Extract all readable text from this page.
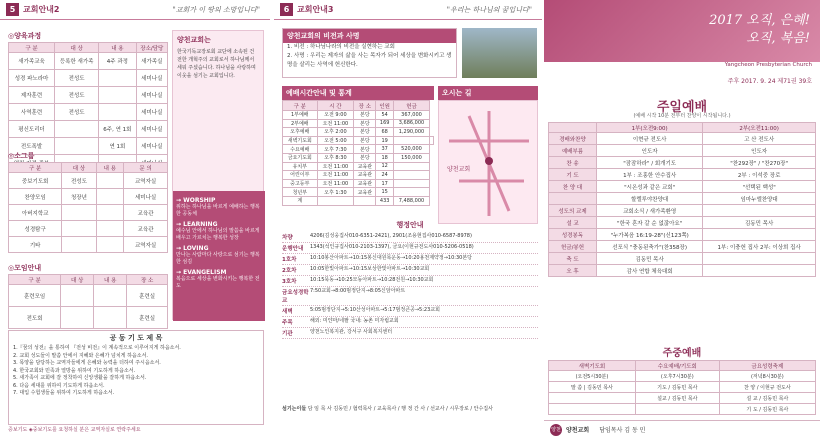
5 교회안내2	"교회가 이 땅의 소망입니다"
◎양육과정
구 분	대 상	내 용	장소/담당
새가족교육	등록한 새가족	4주 과정	새가족실
성경 파노라마	전성도		세미나실
제자훈련	전성도		세미나실
사역훈련	전성도		세미나실
평신도리더		6주, 연 1회	세미나실
전도폭발		연 1회	세미나실

◎소그룹
구 분	대 상	내 용	문 의
중보기도회	전성도		교역자실
찬양모임	청장년		세미나실
아버지학교			교육관
성경탐구			교육관
기타			교역자실
◎모임안내
구 분	대 상	내 용	장 소
훈련모임			훈련실
전도회			훈련실
양천교회는

한국기독교장로회 교단에 소속된 건전한 개혁주의 교회로서 하나님께서 세워 주셨습니다. 하나님을 사랑하며 이웃을 섬기는 교회입니다.

→ WORSHIP
위하는 하나님을 바르게 예배하는 행복한 공동체
→ LEARNING
예수님 안에서 하나님의 말씀을 바르게 배우고 가르치는 행복한 성장
→ LOVING
만나는 사람마다 사랑으로 섬기는 행복한 섬김
→ EVANGELISM
복음으로 세상을 변화시키는 행복한 전도
공 동 기 도 제 목
1.『꿈의 성전』을 통하여 『전성 비전』이 계속적으로 이루어지게 하옵소서.
2. 교회 성도들이 말씀 안에서 지혜와 은혜가 넘치게 하옵소서.
3. 목양을 담당하는 교역자들에게 은혜와 능력을 더하여 주시옵소서.
4. 한국교회와 민족과 열방을 위하여 기도하게 하옵소서.
5. 새가족이 교회에 잘 정착하여 신앙생활을 잘하게 하옵소서.
6. 다음 세대를 위하여 기도하게 하옵소서.
7. 대입 수험생들을 위하여 기도하게 하옵소서.
증보기도 ◈중보기도를 요청하실 분은 교역자실로 연락주세요
6 교회안내3	"우리는 하나님의 꿈입니다"
양천교회의 비전과 사명

1. 비전 : 하나님나라의 비전을 실현하는 교회

2. 사명 : 우리는 제자의 삶을 사는 목자가 되어 세상을 변화시키고 생명을 살리는 사역에 헌신한다.

예배시간안내 및 통계
구 분	시 간	장 소	인원	헌금	
1부예배	오전 9:00	본당	54	367,000	
2부예배	오전 11:00	본당	169	3,686,000	
오후예배	오후 2:00	본당	68	1,290,000	
새벽기도회	오전 5:00	본당	19		
수요예배	오후 7:30	본당	37	520,000	
금요기도회	오후 8:30	본당	18	150,000	
유치부	오전 11:00	교육관	12		
어린이부	오전 11:00	교육관	24		
중고등부	오전 11:00	교육관	17		
청년부	오후 1:30	교육관	15		
계			433	7,488,000	
오시는 길
양천교회
행정안내
차량	4206(김성웅집사010-6351-2421), 2901(조용현집사010-6587-8978)
운행안내	1343(석인규집사010-2103-1397), 금요(이현규전도사010-5206-0518)
1호차	10:10봉산아파트→10:15봉신대원목운동→10:20용천제약정→10:30본당
2호차	10:05한빛아파트→10:15보상한빛아파트→10:30교회
3호차	10:15묵동→10:25모동아파트→10:28전원→10:30교회
금요성경학교
7:50교회→8:00범정단지→8:05신암아파트
새벽	5:05범정단지→5:10산성아파트→5:17범정큰공→5:23교회
주목	해외: 미얀마/네팔 국내: 농촌 미자립교회
기관	양천노인복지관, 강서구 사회복지센터
섬기는이들 담 임 목 사 김동민 / 협력목사 / 교육목사 / 행 정 간 사 / 선교사 / 시무장로 / 안수집사
2017 오직, 은혜!
오직, 복음!
Yangcheon Presbyterian Church
주후 2017. 9. 24 제71권 39호
주일예배
(예배 시작 10분 전부터 찬양이 시작됩니다.)
	1부(오전9:00)	2부(오전11:00)
경배와찬양	이현규 전도사	고 산 전도사
예배부름	인도자	인도자
찬 송	"잠잠하라" / 회개기도	"찬292장" / "찬270장"
기 도	1부 : 조홍한 안수집사	2부 : 이석중 장로
찬 양 대	"시온성과 같은 교회"	"선택된 백성"
	할렐루야찬양대	임마누엘찬양대
성도의 교제	교회소식 / 새가족환영	
설 교	"한국 혼자 갈 순 없잖아요"	김동민 목사
성경봉독	"누가복음 16:19-28"(신123쪽)	
헌금/봉헌	선포식 "충동된축가"(찬358장)	1부: 이충헌 집사 2부: 이상희 집사
축 도	김동민 목사	
오 후	감사 연합 체육대회	
주중예배
새벽기도회	수요예배/기도회	금요성령축제
(오전5시30분)	(오후7시30분)	(저녁8시30분)
말 씀 | 김동민 목사	기도 / 김동민 목사	찬 양 / 이현규 전도사
	설교 / 김동민 목사	설 교 / 김동민 목사
		기 도 / 김동민 목사
양천 양천교회 담임목사 김 동 민
